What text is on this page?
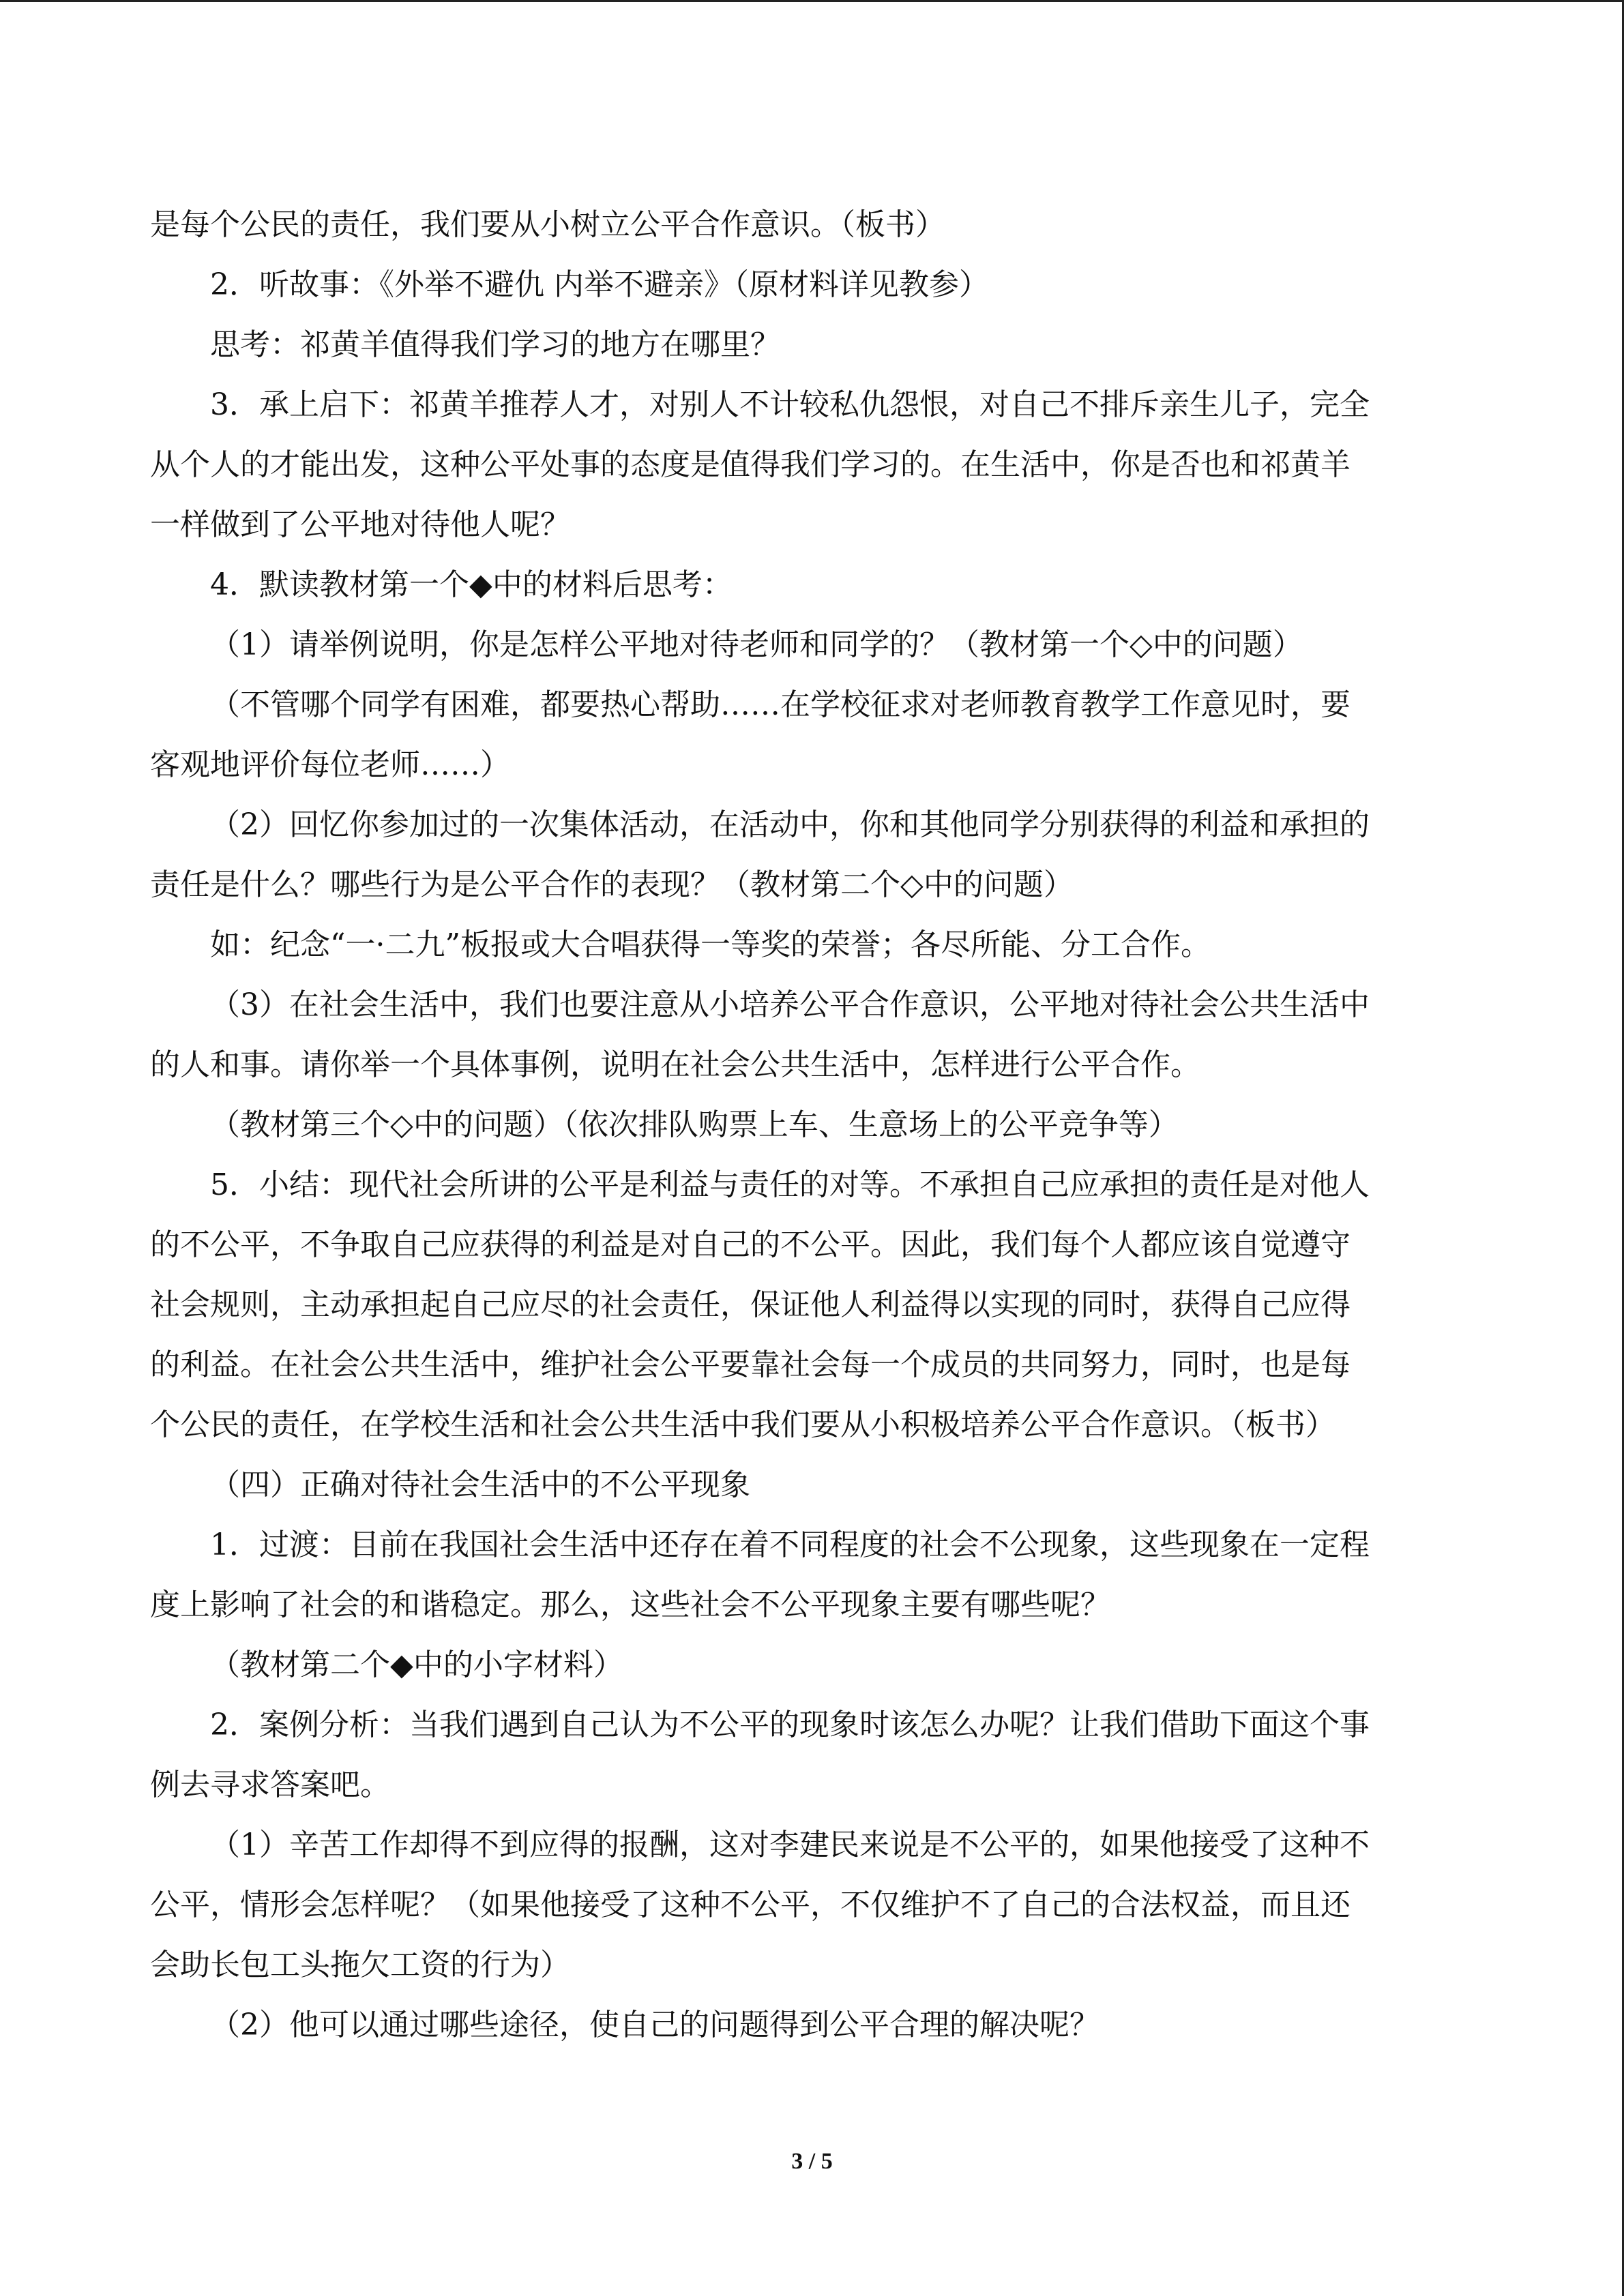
是每个公民的责任，我们要从小树立公平合作意识。（板书）
2．听故事：《外举不避仇 内举不避亲》（原材料详见教参）
思考：祁黄羊值得我们学习的地方在哪里？
3．承上启下：祁黄羊推荐人才，对别人不计较私仇怨恨，对自己不排斥亲生儿子，完全
从个人的才能出发，这种公平处事的态度是值得我们学习的。在生活中，你是否也和祁黄羊
一样做到了公平地对待他人呢？
4．默读教材第一个◆中的材料后思考：
（1）请举例说明，你是怎样公平地对待老师和同学的？（教材第一个◇中的问题）
（不管哪个同学有困难，都要热心帮助……在学校征求对老师教育教学工作意见时，要
客观地评价每位老师……）
（2）回忆你参加过的一次集体活动，在活动中，你和其他同学分别获得的利益和承担的
责任是什么？哪些行为是公平合作的表现？（教材第二个◇中的问题）
如：纪念“一·二九”板报或大合唱获得一等奖的荣誉；各尽所能、分工合作。
（3）在社会生活中，我们也要注意从小培养公平合作意识，公平地对待社会公共生活中
的人和事。请你举一个具体事例，说明在社会公共生活中，怎样进行公平合作。
（教材第三个◇中的问题）（依次排队购票上车、生意场上的公平竞争等）
5．小结：现代社会所讲的公平是利益与责任的对等。不承担自己应承担的责任是对他人
的不公平，不争取自己应获得的利益是对自己的不公平。因此，我们每个人都应该自觉遵守
社会规则，主动承担起自己应尽的社会责任，保证他人利益得以实现的同时，获得自己应得
的利益。在社会公共生活中，维护社会公平要靠社会每一个成员的共同努力，同时，也是每
个公民的责任，在学校生活和社会公共生活中我们要从小积极培养公平合作意识。（板书）
（四）正确对待社会生活中的不公平现象
1．过渡：目前在我国社会生活中还存在着不同程度的社会不公现象，这些现象在一定程
度上影响了社会的和谐稳定。那么，这些社会不公平现象主要有哪些呢？
（教材第二个◆中的小字材料）
2．案例分析：当我们遇到自己认为不公平的现象时该怎么办呢？让我们借助下面这个事
例去寻求答案吧。
（1）辛苦工作却得不到应得的报酬，这对李建民来说是不公平的，如果他接受了这种不
公平，情形会怎样呢？（如果他接受了这种不公平，不仅维护不了自己的合法权益，而且还
会助长包工头拖欠工资的行为）
（2）他可以通过哪些途径，使自己的问题得到公平合理的解决呢？
3 / 5
